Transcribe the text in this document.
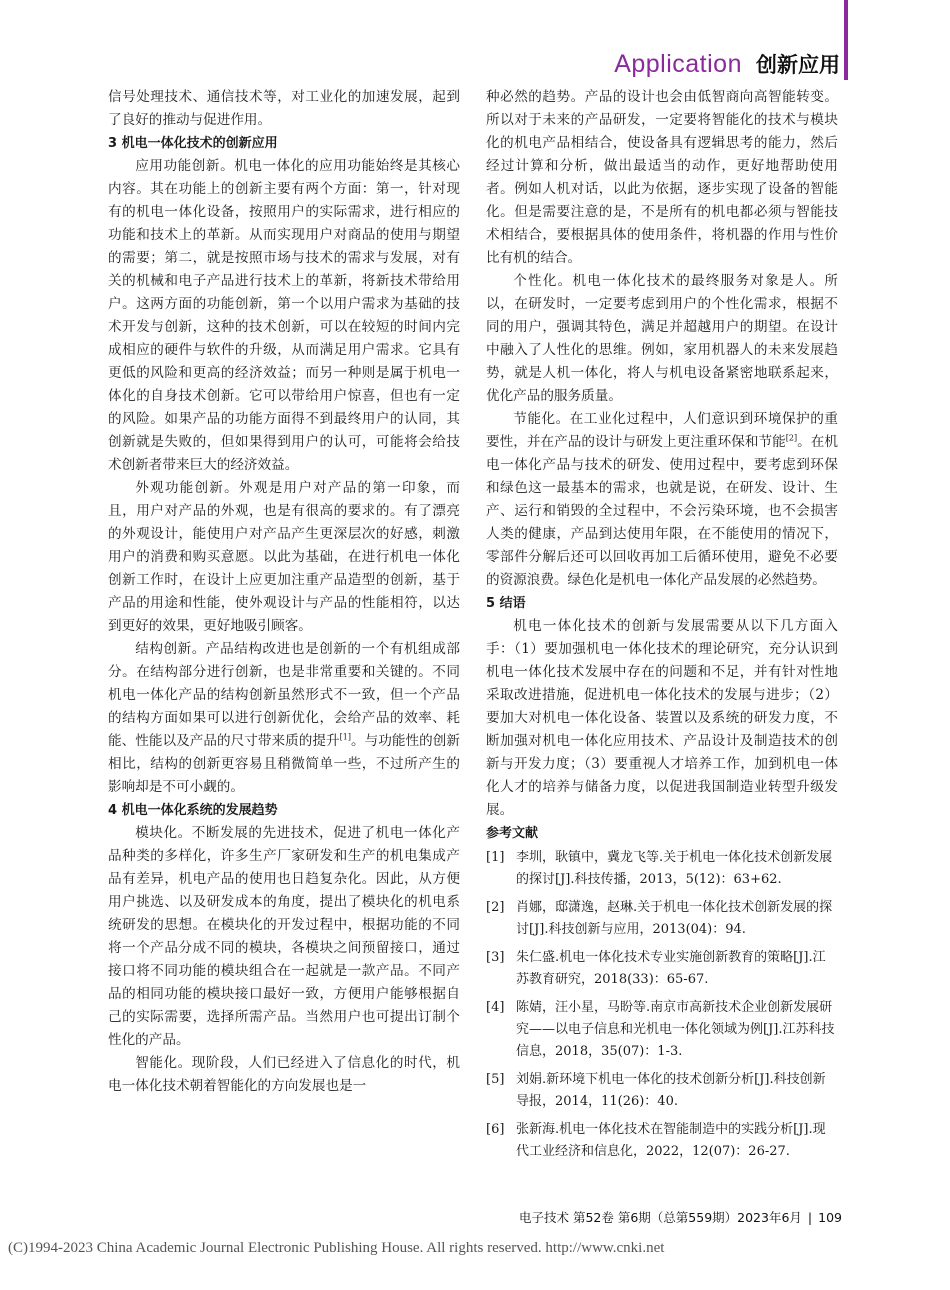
Application 创新应用

信号处理技术、通信技术等，对工业化的加速发展，起到了良好的推动与促进作用。

3 机电一体化技术的创新应用

应用功能创新。机电一体化的应用功能始终是其核心内容。其在功能上的创新主要有两个方面：第一，针对现有的机电一体化设备，按照用户的实际需求，进行相应的功能和技术上的革新。从而实现用户对商品的使用与期望的需要；第二，就是按照市场与技术的需求与发展，对有关的机械和电子产品进行技术上的革新，将新技术带给用户。这两方面的功能创新，第一个以用户需求为基础的技术开发与创新，这种的技术创新，可以在较短的时间内完成相应的硬件与软件的升级，从而满足用户需求。它具有更低的风险和更高的经济效益；而另一种则是属于机电一体化的自身技术创新。它可以带给用户惊喜，但也有一定的风险。如果产品的功能方面得不到最终用户的认同，其创新就是失败的，但如果得到用户的认可，可能将会给技术创新者带来巨大的经济效益。

外观功能创新。外观是用户对产品的第一印象，而且，用户对产品的外观，也是有很高的要求的。有了漂亮的外观设计，能使用户对产品产生更深层次的好感，刺激用户的消费和购买意愿。以此为基础，在进行机电一体化创新工作时，在设计上应更加注重产品造型的创新，基于产品的用途和性能，使外观设计与产品的性能相符，以达到更好的效果，更好地吸引顾客。

结构创新。产品结构改进也是创新的一个有机组成部分。在结构部分进行创新，也是非常重要和关键的。不同机电一体化产品的结构创新虽然形式不一致，但一个产品的结构方面如果可以进行创新优化，会给产品的效率、耗能、性能以及产品的尺寸带来质的提升[1]。与功能性的创新相比，结构的创新更容易且稍微简单一些，不过所产生的影响却是不可小觑的。

4 机电一体化系统的发展趋势

模块化。不断发展的先进技术，促进了机电一体化产品种类的多样化，许多生产厂家研发和生产的机电集成产品有差异，机电产品的使用也日趋复杂化。因此，从方便用户挑选、以及研发成本的角度，提出了模块化的机电系统研发的思想。在模块化的开发过程中，根据功能的不同将一个产品分成不同的模块，各模块之间预留接口，通过接口将不同功能的模块组合在一起就是一款产品。不同产品的相同功能的模块接口最好一致，方便用户能够根据自己的实际需要，选择所需产品。当然用户也可提出订制个性化的产品。

智能化。现阶段，人们已经进入了信息化的时代，机电一体化技术朝着智能化的方向发展也是一

种必然的趋势。产品的设计也会由低智商向高智能转变。所以对于未来的产品研发，一定要将智能化的技术与模块化的机电产品相结合，使设备具有逻辑思考的能力，然后经过计算和分析，做出最适当的动作，更好地帮助使用者。例如人机对话，以此为依据，逐步实现了设备的智能化。但是需要注意的是，不是所有的机电都必须与智能技术相结合，要根据具体的使用条件，将机器的作用与性价比有机的结合。

个性化。机电一体化技术的最终服务对象是人。所以，在研发时，一定要考虑到用户的个性化需求，根据不同的用户，强调其特色，满足并超越用户的期望。在设计中融入了人性化的思维。例如，家用机器人的未来发展趋势，就是人机一体化，将人与机电设备紧密地联系起来，优化产品的服务质量。

节能化。在工业化过程中，人们意识到环境保护的重要性，并在产品的设计与研发上更注重环保和节能[2]。在机电一体化产品与技术的研发、使用过程中，要考虑到环保和绿色这一最基本的需求，也就是说，在研发、设计、生产、运行和销毁的全过程中，不会污染环境，也不会损害人类的健康，产品到达使用年限，在不能使用的情况下，零部件分解后还可以回收再加工后循环使用，避免不必要的资源浪费。绿色化是机电一体化产品发展的必然趋势。

5 结语

机电一体化技术的创新与发展需要从以下几方面入手：（1）要加强机电一体化技术的理论研究，充分认识到机电一体化技术发展中存在的问题和不足，并有针对性地采取改进措施，促进机电一体化技术的发展与进步；（2）要加大对机电一体化设备、装置以及系统的研发力度，不断加强对机电一体化应用技术、产品设计及制造技术的创新与开发力度；（3）要重视人才培养工作，加到机电一体化人才的培养与储备力度，以促进我国制造业转型升级发展。

参考文献
[1] 李圳，耿镇中，冀龙飞等.关于机电一体化技术创新发展的探讨[J].科技传播，2013，5(12)：63+62.
[2] 肖娜，邸潇逸，赵琳.关于机电一体化技术创新发展的探讨[J].科技创新与应用，2013(04)：94.
[3] 朱仁盛.机电一体化技术专业实施创新教育的策略[J].江苏教育研究，2018(33)：65-67.
[4] 陈婧，汪小星，马盼等.南京市高新技术企业创新发展研究——以电子信息和光机电一体化领域为例[J].江苏科技信息，2018，35(07)：1-3.
[5] 刘娟.新环境下机电一体化的技术创新分析[J].科技创新导报，2014，11(26)：40.
[6] 张新海.机电一体化技术在智能制造中的实践分析[J].现代工业经济和信息化，2022，12(07)：26-27.
电子技术 第52卷 第6期（总第559期）2023年6月 | 109
(C)1994-2023 China Academic Journal Electronic Publishing House. All rights reserved. http://www.cnki.net
